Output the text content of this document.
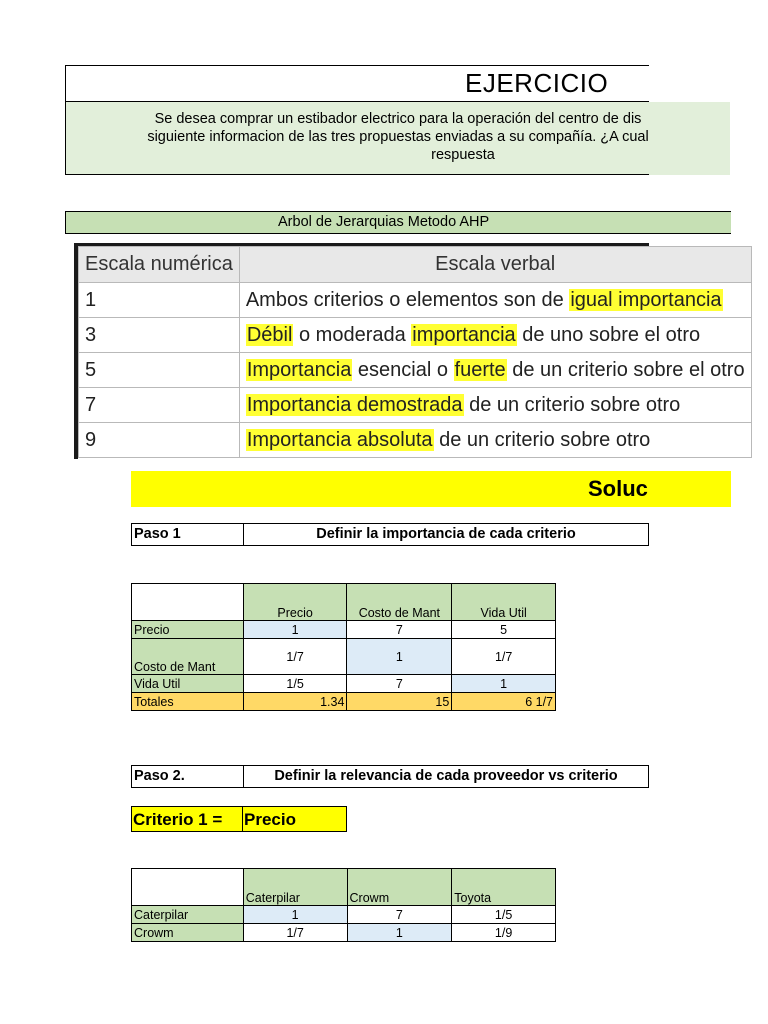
EJERCICIO
Se desea comprar un estibador electrico para la operación del centro de dis
siguiente informacion de las tres propuestas enviadas a su compañía. ¿A cual
respuesta
Arbol de Jerarquias Metodo AHP
Escala numérica	Escala verbal
1	Ambos criterios o elementos son de igual importancia
3	Débil o moderada importancia de uno sobre el otro
5	Importancia esencial o fuerte de un criterio sobre el otro
7	Importancia demostrada de un criterio sobre otro
9	Importancia absoluta de un criterio sobre otro
Soluc
Paso 1	Definir la importancia de cada criterio
	Precio	Costo de Mant	Vida Util
Precio	1	7	5
Costo de Mant	1/7	1	1/7
Vida Util	1/5	7	1
Totales	1.34	15	6 1/7
Paso 2.	Definir la relevancia de cada proveedor vs criterio
Criterio 1 = Precio
	Caterpilar	Crowm	Toyota
Caterpilar	1	7	1/5
Crowm	1/7	1	1/9
